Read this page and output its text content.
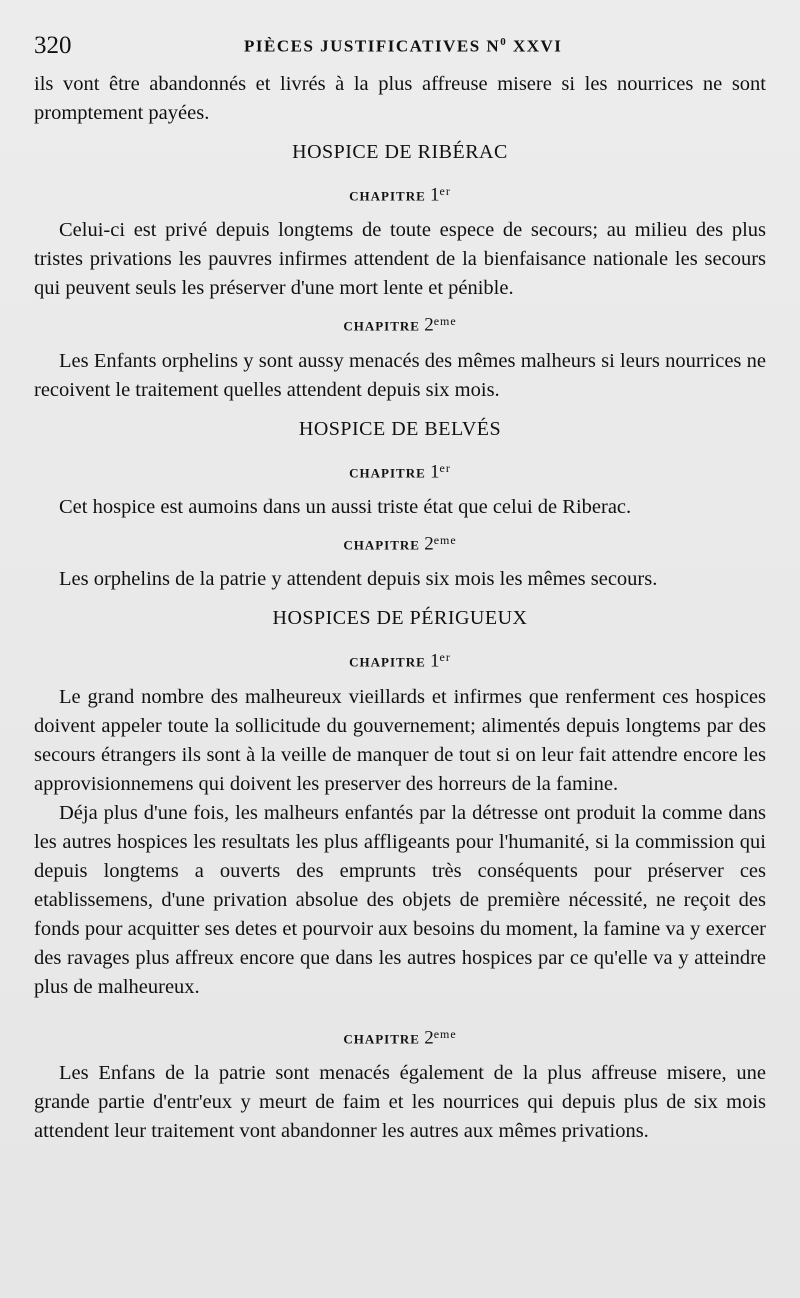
320	PIÈCES JUSTIFICATIVES $N^0$ XXVI

ils vont être abandonnés et livrés à la plus affreuse misere si les nourrices ne sont promptement payées.

HOSPICE DE RIBÉRAC
CHAPITRE 1er

Celui-ci est privé depuis longtems de toute espece de secours; au milieu des plus tristes privations les pauvres infirmes attendent de la bienfaisance nationale les secours qui peuvent seuls les préserver d'une mort lente et pénible.

CHAPITRE 2eme

Les Enfants orphelins y sont aussy menacés des mêmes malheurs si leurs nourrices ne recoivent le traitement quelles attendent depuis six mois.

HOSPICE DE BELVÉS
CHAPITRE 1er

Cet hospice est aumoins dans un aussi triste état que celui de Riberac.

CHAPITRE 2eme

Les orphelins de la patrie y attendent depuis six mois les mêmes secours.

HOSPICES DE PÉRIGUEUX
CHAPITRE 1er

Le grand nombre des malheureux vieillards et infirmes que renferment ces hospices doivent appeler toute la sollicitude du gouvernement; alimentés depuis longtems par des secours étrangers ils sont à la veille de manquer de tout si on leur fait attendre encore les approvisionnemens qui doivent les preserver des horreurs de la famine.

Déja plus d'une fois, les malheurs enfantés par la détresse ont produit la comme dans les autres hospices les resultats les plus affligeants pour l'humanité, si la commission qui depuis longtems a ouverts des emprunts très conséquents pour préserver ces etablissemens, d'une privation absolue des objets de première nécessité, ne reçoit des fonds pour acquitter ses detes et pourvoir aux besoins du moment, la famine va y exercer des ravages plus affreux encore que dans les autres hospices par ce qu'elle va y atteindre plus de malheureux.

CHAPITRE 2eme

Les Enfans de la patrie sont menacés également de la plus affreuse misere, une grande partie d'entr'eux y meurt de faim et les nourrices qui depuis plus de six mois attendent leur traitement vont abandonner les autres aux mêmes privations.
